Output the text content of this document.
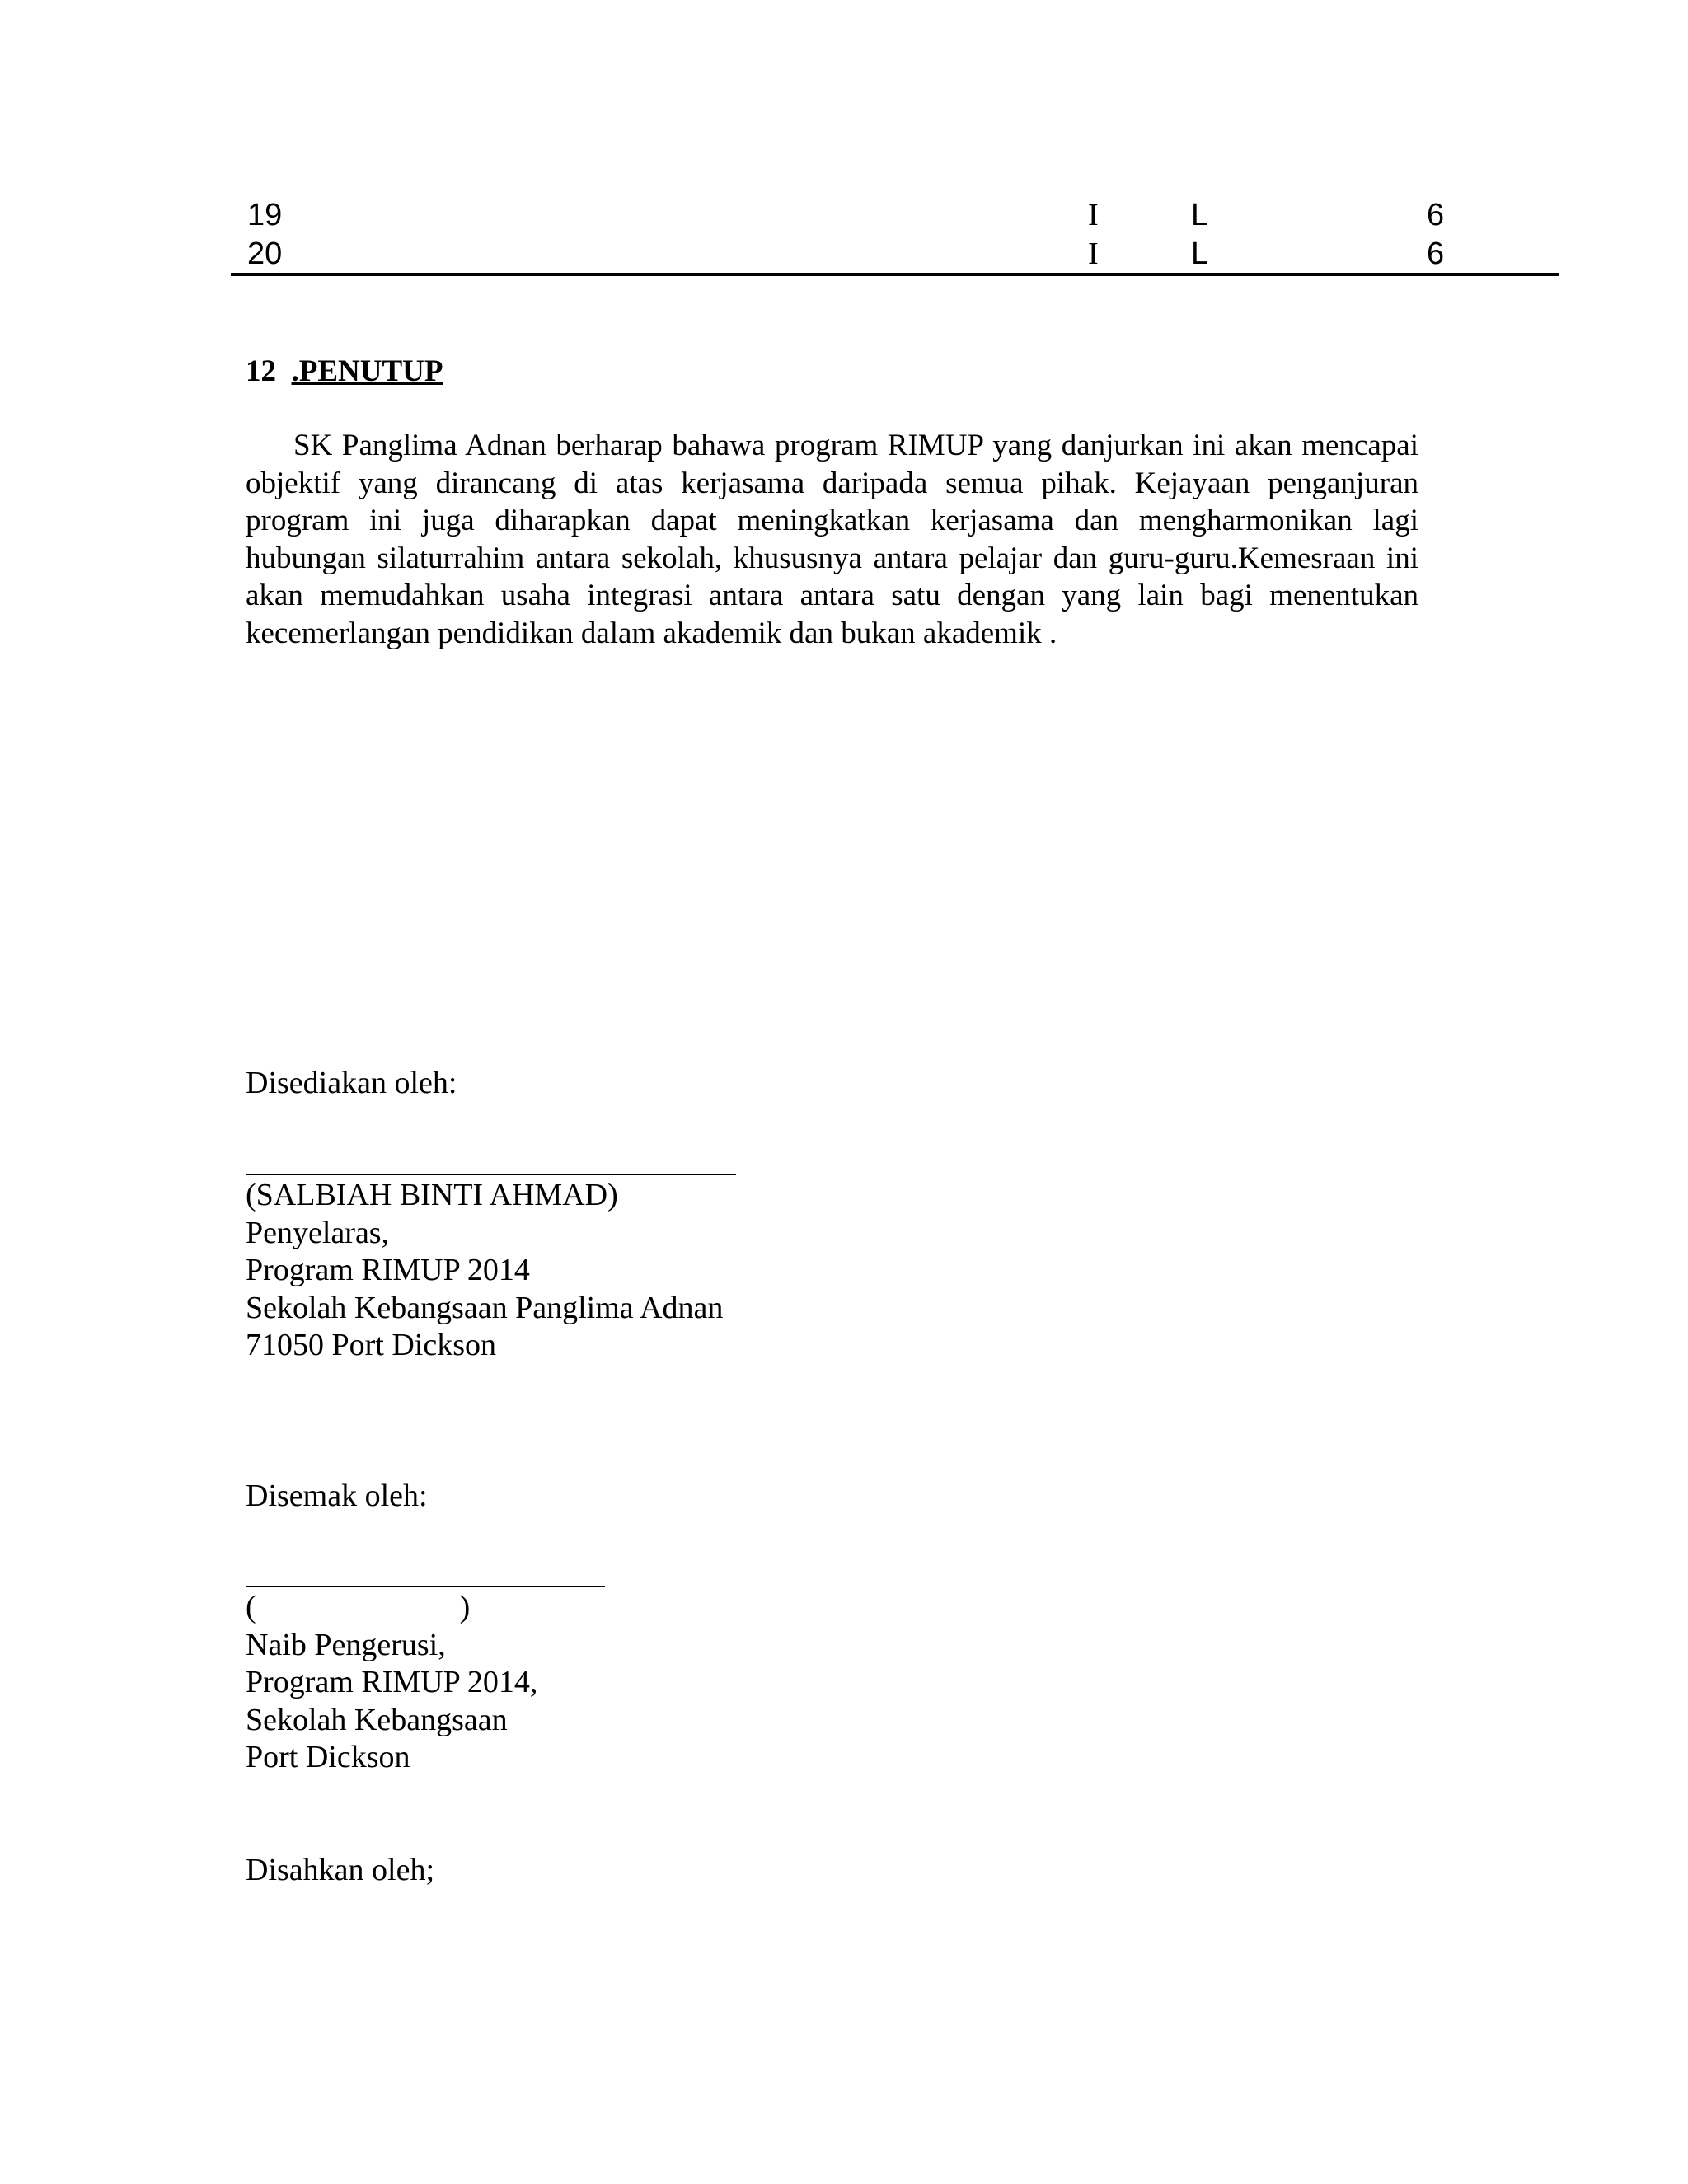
19	I	L	6
20	I	L	6
12 .PENUTUP

SK Panglima Adnan berharap bahawa program RIMUP yang danjurkan ini akan mencapai objektif yang dirancang di atas kerjasama daripada semua pihak. Kejayaan penganjuran program ini juga diharapkan dapat meningkatkan kerjasama dan mengharmonikan lagi hubungan silaturrahim antara sekolah, khususnya antara pelajar dan guru-guru.Kemesraan ini akan memudahkan usaha integrasi antara antara satu dengan yang lain bagi menentukan kecemerlangan pendidikan dalam akademik dan bukan akademik .

Disediakan oleh:
(SALBIAH BINTI AHMAD)
Penyelaras,
Program RIMUP 2014
Sekolah Kebangsaan Panglima Adnan
71050 Port Dickson
Disemak oleh:
(                          )
Naib Pengerusi,
Program RIMUP 2014,
Sekolah Kebangsaan
Port Dickson
Disahkan oleh;
